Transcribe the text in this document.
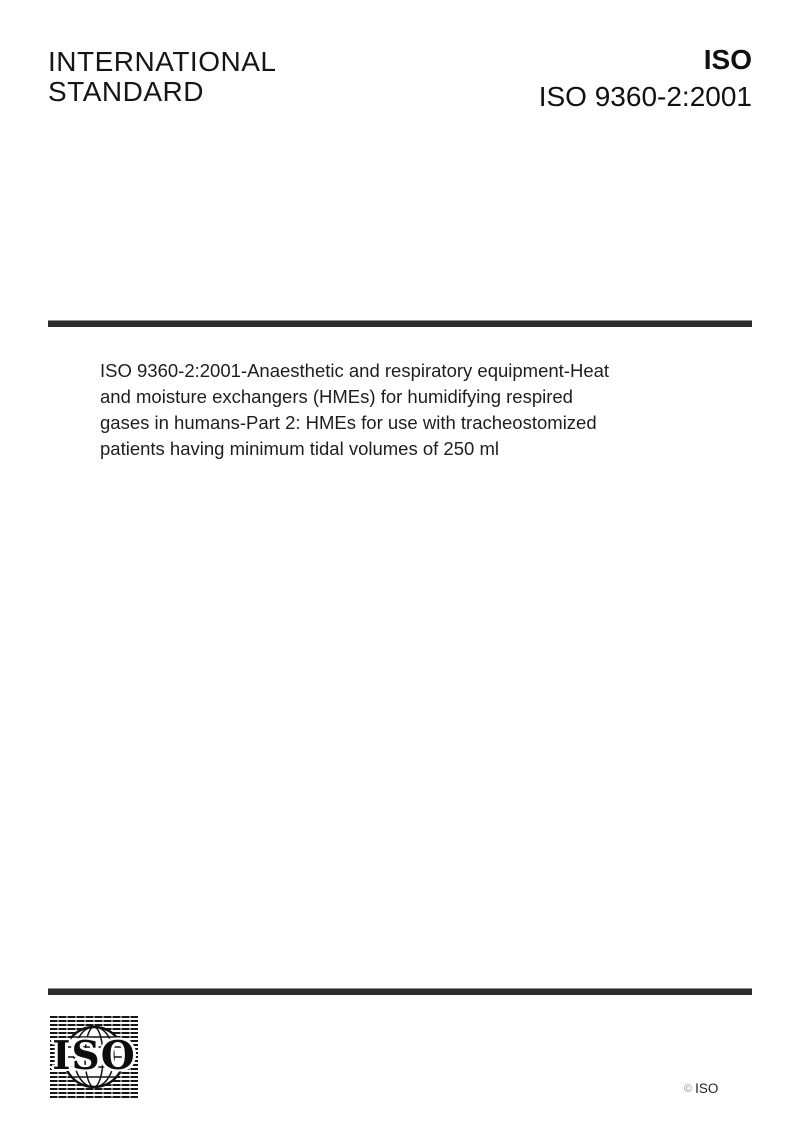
INTERNATIONAL
STANDARD
ISO
ISO 9360-2:2001
ISO 9360-2:2001-Anaesthetic and respiratory equipment-Heat
and moisture exchangers (HMEs) for humidifying respired
gases in humans-Part 2: HMEs for use with tracheostomized
patients having minimum tidal volumes of 250 ml
ISO
© ISO
